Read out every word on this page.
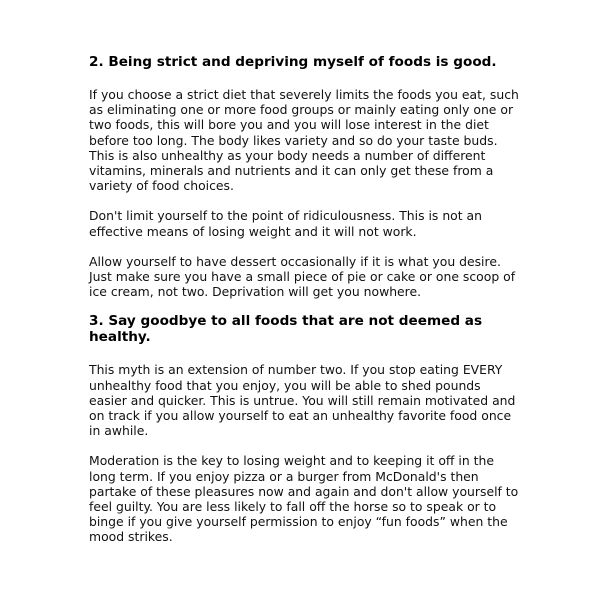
2. Being strict and depriving myself of foods is good.

If you choose a strict diet that severely limits the foods you eat, such as eliminating one or more food groups or mainly eating only one or two foods, this will bore you and you will lose interest in the diet before too long. The body likes variety and so do your taste buds. This is also unhealthy as your body needs a number of different vitamins, minerals and nutrients and it can only get these from a variety of food choices.

Don't limit yourself to the point of ridiculousness. This is not an effective means of losing weight and it will not work.

Allow yourself to have dessert occasionally if it is what you desire. Just make sure you have a small piece of pie or cake or one scoop of ice cream, not two. Deprivation will get you nowhere.

3. Say goodbye to all foods that are not deemed as healthy.

This myth is an extension of number two. If you stop eating EVERY unhealthy food that you enjoy, you will be able to shed pounds easier and quicker. This is untrue. You will still remain motivated and on track if you allow yourself to eat an unhealthy favorite food once in awhile.

Moderation is the key to losing weight and to keeping it off in the long term. If you enjoy pizza or a burger from McDonald's then partake of these pleasures now and again and don't allow yourself to feel guilty. You are less likely to fall off the horse so to speak or to binge if you give yourself permission to enjoy “fun foods” when the mood strikes.
